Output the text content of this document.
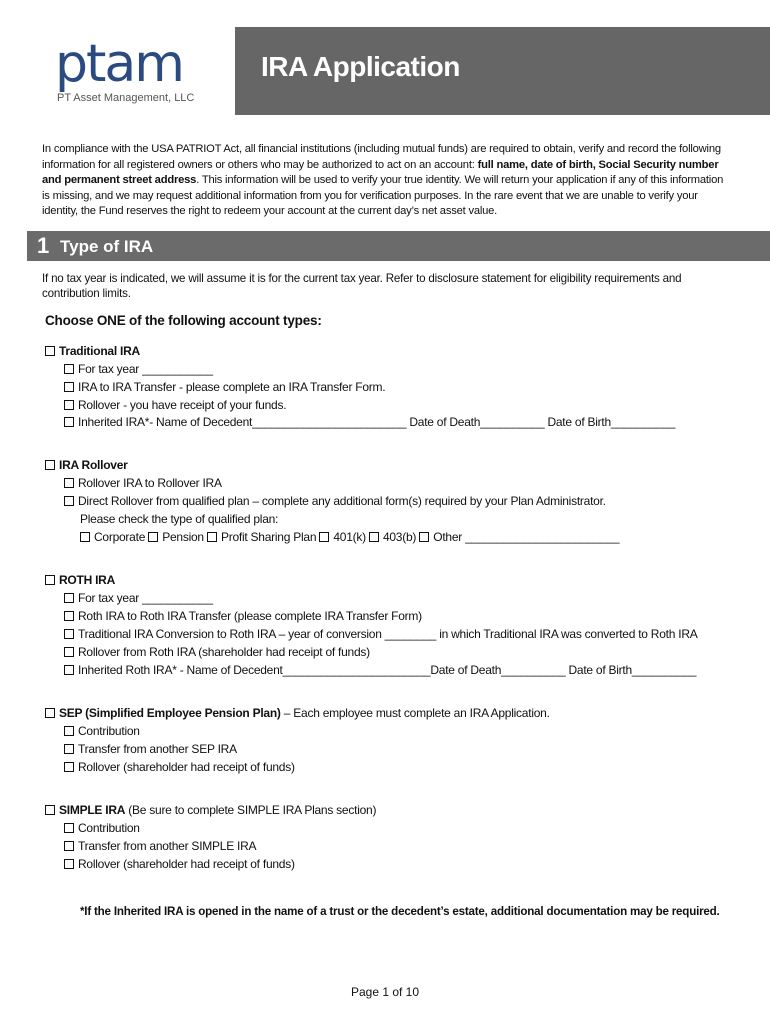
ptam
PT Asset Management, LLC
IRA Application
In compliance with the USA PATRIOT Act, all financial institutions (including mutual funds) are required to obtain, verify and record the following information for all registered owners or others who may be authorized to act on an account: full name, date of birth, Social Security number and permanent street address. This information will be used to verify your true identity. We will return your application if any of this information is missing, and we may request additional information from you for verification purposes. In the rare event that we are unable to verify your identity, the Fund reserves the right to redeem your account at the current day’s net asset value.
1 Type of IRA
If no tax year is indicated, we will assume it is for the current tax year. Refer to disclosure statement for eligibility requirements and contribution limits.
Choose ONE of the following account types:
Traditional IRA
For tax year ___________
IRA to IRA Transfer - please complete an IRA Transfer Form.
Rollover - you have receipt of your funds.
Inherited IRA*- Name of Decedent________________________ Date of Death__________ Date of Birth__________
IRA Rollover
Rollover IRA to Rollover IRA
Direct Rollover from qualified plan – complete any additional form(s) required by your Plan Administrator.
Please check the type of qualified plan:
Corporate Pension Profit Sharing Plan 401(k) 403(b) Other ________________________
ROTH IRA
For tax year ___________
Roth IRA to Roth IRA Transfer (please complete IRA Transfer Form)
Traditional IRA Conversion to Roth IRA – year of conversion ________ in which Traditional IRA was converted to Roth IRA
Rollover from Roth IRA (shareholder had receipt of funds)
Inherited Roth IRA* - Name of Decedent_______________________Date of Death__________ Date of Birth__________
SEP (Simplified Employee Pension Plan) – Each employee must complete an IRA Application.
Contribution
Transfer from another SEP IRA
Rollover (shareholder had receipt of funds)
SIMPLE IRA (Be sure to complete SIMPLE IRA Plans section)
Contribution
Transfer from another SIMPLE IRA
Rollover (shareholder had receipt of funds)
*If the Inherited IRA is opened in the name of a trust or the decedent’s estate, additional documentation may be required.
Page 1 of 10
